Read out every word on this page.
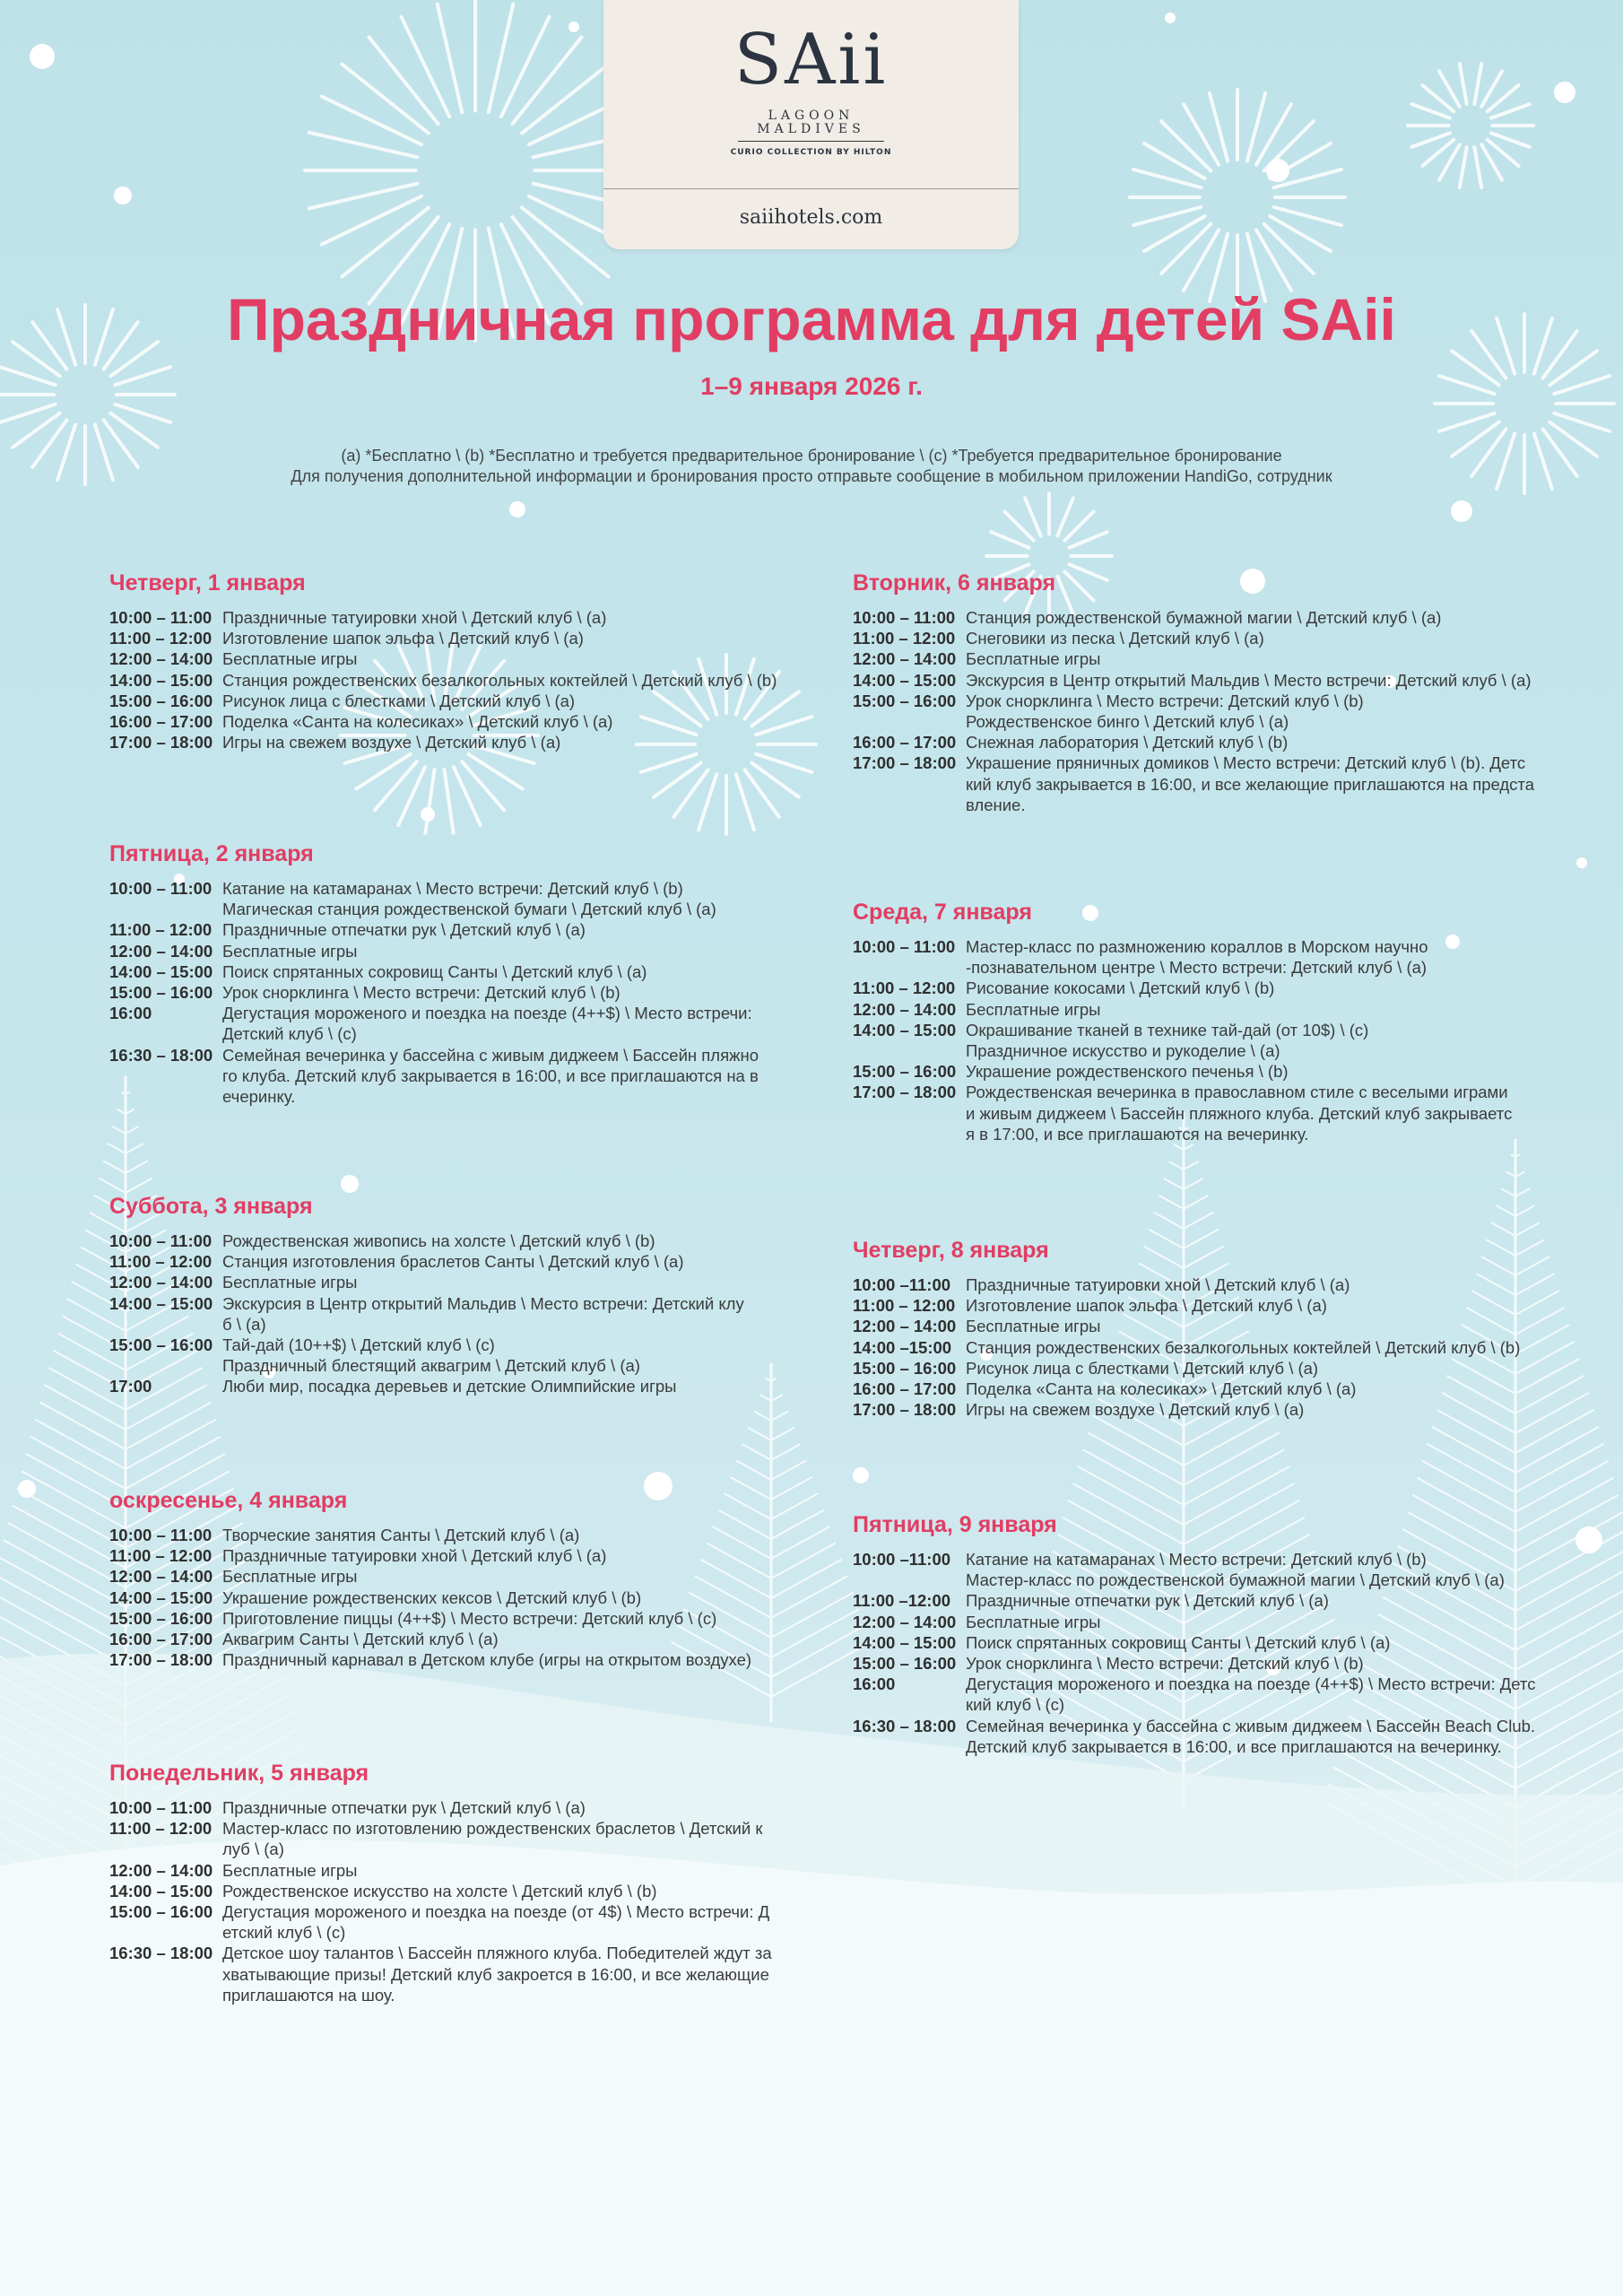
SAii
LAGOON
MALDIVES
CURIO COLLECTION BY HILTON
saiihotels.com
Праздничная программа для детей SAii
1–9 января 2026 г.
(a) *Бесплатно \ (b) *Бесплатно и требуется предварительное бронирование \ (c) *Требуется предварительное бронирование
Для получения дополнительной информации и бронирования просто отправьте сообщение в мобильном приложении HandiGo, сотрудник
Четверг, 1 января
10:00 – 11:00 Праздничные татуировки хной \ Детский клуб \ (a)
11:00 – 12:00 Изготовление шапок эльфа \ Детский клуб \ (a)
12:00 – 14:00 Бесплатные игры
14:00 – 15:00 Станция рождественских безалкогольных коктейлей \ Детский клуб \ (b)
15:00 – 16:00 Рисунок лица с блестками \ Детский клуб \ (a)
16:00 – 17:00 Поделка «Санта на колесиках» \ Детский клуб \ (a)
17:00 – 18:00 Игры на свежем воздухе \ Детский клуб \ (a)
Пятница, 2 января
10:00 – 11:00 Катание на катамаранах \ Место встречи: Детский клуб \ (b)
Магическая станция рождественской бумаги \ Детский клуб \ (a)
11:00 – 12:00 Праздничные отпечатки рук \ Детский клуб \ (a)
12:00 – 14:00 Бесплатные игры
14:00 – 15:00 Поиск спрятанных сокровищ Санты \ Детский клуб \ (a)
15:00 – 16:00 Урок снорклинга \ Место встречи: Детский клуб \ (b)
16:00	Дегустация мороженого и поездка на поезде (4++$) \ Место встречи:
Детский клуб \ (c)
16:30 – 18:00 Семейная вечеринка у бассейна с живым диджеем \ Бассейн пляжно
го клуба. Детский клуб закрывается в 16:00, и все приглашаются на в
ечеринку.
Суббота, 3 января
10:00 – 11:00 Рождественская живопись на холсте \ Детский клуб \ (b)
11:00 – 12:00 Станция изготовления браслетов Санты \ Детский клуб \ (a)
12:00 – 14:00 Бесплатные игры
14:00 – 15:00 Экскурсия в Центр открытий Мальдив \ Место встречи: Детский клу
б \ (a)
15:00 – 16:00 Тай-дай (10++$) \ Детский клуб \ (c)
Праздничный блестящий аквагрим \ Детский клуб \ (a)
17:00	Люби мир, посадка деревьев и детские Олимпийские игры
оскресенье, 4 января
10:00 – 11:00 Творческие занятия Санты \ Детский клуб \ (a)
11:00 – 12:00 Праздничные татуировки хной \ Детский клуб \ (a)
12:00 – 14:00 Бесплатные игры
14:00 – 15:00 Украшение рождественских кексов \ Детский клуб \ (b)
15:00 – 16:00 Приготовление пиццы (4++$) \ Место встречи: Детский клуб \ (c)
16:00 – 17:00 Аквагрим Санты \ Детский клуб \ (a)
17:00 – 18:00 Праздничный карнавал в Детском клубе (игры на открытом воздухе)
Понедельник, 5 января
10:00 – 11:00 Праздничные отпечатки рук \ Детский клуб \ (a)
11:00 – 12:00 Мастер-класс по изготовлению рождественских браслетов \ Детский к
луб \ (a)
12:00 – 14:00 Бесплатные игры
14:00 – 15:00 Рождественское искусство на холсте \ Детский клуб \ (b)
15:00 – 16:00 Дегустация мороженого и поездка на поезде (от 4$) \ Место встречи: Д
етский клуб \ (c)
16:30 – 18:00 Детское шоу талантов \ Бассейн пляжного клуба. Победителей ждут за
хватывающие призы! Детский клуб закроется в 16:00, и все желающие
приглашаются на шоу.
Вторник, 6 января
10:00 – 11:00 Станция рождественской бумажной магии \ Детский клуб \ (a)
11:00 – 12:00 Снеговики из песка \ Детский клуб \ (a)
12:00 – 14:00 Бесплатные игры
14:00 – 15:00 Экскурсия в Центр открытий Мальдив \ Место встречи: Детский клуб \ (a)
15:00 – 16:00 Урок снорклинга \ Место встречи: Детский клуб \ (b)
Рождественское бинго \ Детский клуб \ (a)
16:00 – 17:00 Снежная лаборатория \ Детский клуб \ (b)
17:00 – 18:00 Украшение пряничных домиков \ Место встречи: Детский клуб \ (b). Детс
кий клуб закрывается в 16:00, и все желающие приглашаются на предста
вление.
Среда, 7 января
10:00 – 11:00 Мастер-класс по размножению кораллов в Морском научно
-познавательном центре \ Место встречи: Детский клуб \ (a)
11:00 – 12:00 Рисование кокосами \ Детский клуб \ (b)
12:00 – 14:00 Бесплатные игры
14:00 – 15:00 Окрашивание тканей в технике тай-дай (от 10$) \ (c)
Праздничное искусство и рукоделие \ (a)
15:00 – 16:00 Украшение рождественского печенья \ (b)
17:00 – 18:00 Рождественская вечеринка в православном стиле с веселыми играми
и живым диджеем \ Бассейн пляжного клуба. Детский клуб закрываетс
я в 17:00, и все приглашаются на вечеринку.
Четверг, 8 января
10:00 –11:00 Праздничные татуировки хной \ Детский клуб \ (a)
11:00 – 12:00 Изготовление шапок эльфа \ Детский клуб \ (a)
12:00 – 14:00 Бесплатные игры
14:00 –15:00 Станция рождественских безалкогольных коктейлей \ Детский клуб \ (b)
15:00 – 16:00 Рисунок лица с блестками \ Детский клуб \ (a)
16:00 – 17:00 Поделка «Санта на колесиках» \ Детский клуб \ (a)
17:00 – 18:00 Игры на свежем воздухе \ Детский клуб \ (a)
Пятница, 9 января
10:00 –11:00 Катание на катамаранах \ Место встречи: Детский клуб \ (b)
Мастер-класс по рождественской бумажной магии \ Детский клуб \ (a)
11:00 –12:00 Праздничные отпечатки рук \ Детский клуб \ (a)
12:00 – 14:00 Бесплатные игры
14:00 – 15:00 Поиск спрятанных сокровищ Санты \ Детский клуб \ (a)
15:00 – 16:00 Урок снорклинга \ Место встречи: Детский клуб \ (b)
16:00	Дегустация мороженого и поездка на поезде (4++$) \ Место встречи: Детс
кий клуб \ (c)
16:30 – 18:00 Семейная вечеринка у бассейна с живым диджеем \ Бассейн Beach Club.
Детский клуб закрывается в 16:00, и все приглашаются на вечеринку.
